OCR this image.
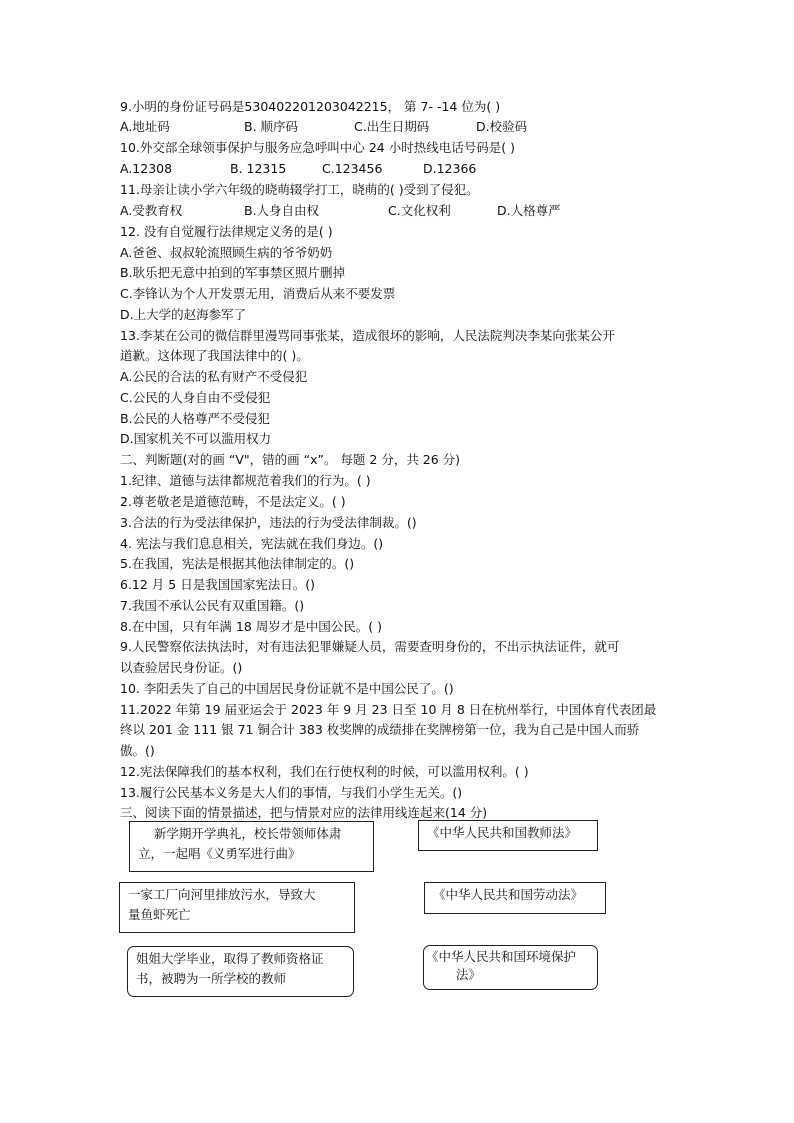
9.小明的身份证号码是530402201203042215， 第 7- -14 位为( )
A.地址码	B. 顺序码	C.出生日期码	D.校验码
10.外交部全球领事保护与服务应急呼叫中心 24 小时热线电话号码是( )
A.12308	B. 12315	C.123456	D.12366
11.母亲让读小学六年级的晓萌辍学打工，晓萌的( )受到了侵犯。
A.受教育权	B.人身自由权	C.文化权利	D.人格尊严
12. 没有自觉履行法律规定义务的是( )
A.爸爸、叔叔轮流照顾生病的爷爷奶奶
B.耿乐把无意中拍到的军事禁区照片删掉
C.李锋认为个人开发票无用，消费后从来不要发票
D.上大学的赵海参军了
13.李某在公司的微信群里漫骂同事张某，造成很坏的影响，人民法院判决李某向张某公开
道歉。这体现了我国法律中的( )。
A.公民的合法的私有财产不受侵犯
C.公民的人身自由不受侵犯
B.公民的人格尊严不受侵犯
D.国家机关不可以滥用权力
二、判断题(对的画 “V"，错的画 “x”。 每题 2 分，共 26 分)
1.纪律、道德与法律都规范着我们的行为。( )
2.尊老敬老是道德范畴，不是法定义。( )
3.合法的行为受法律保护，违法的行为受法律制裁。()
4. 宪法与我们息息相关，宪法就在我们身边。()
5.在我国，宪法是根据其他法律制定的。()
6.12 月 5 日是我国国家宪法日。()
7.我国不承认公民有双重国籍。()
8.在中国，只有年满 18 周岁才是中国公民。( )
9.人民警察依法执法时，对有违法犯罪嫌疑人员，需要查明身份的，不出示执法证件，就可
以查验居民身份证。()
10. 李阳丢失了自己的中国居民身份证就不是中国公民了。()
11.2022 年第 19 届亚运会于 2023 年 9 月 23 日至 10 月 8 日在杭州举行，中国体育代表团最
终以 201 金 111 银 71 铜合计 383 枚奖牌的成绩排在奖牌榜第一位，我为自己是中国人而骄
傲。()
12.宪法保障我们的基本权利，我们在行使权利的时候，可以滥用权利。( )
13.履行公民基本义务是大人们的事情，与我们小学生无关。()
三、阅读下面的情景描述，把与情景对应的法律用线连起来(14 分)
新学期开学典礼，校长带领师体肃
立，一起唱《义勇军进行曲》
一家工厂向河里排放污水，导致大
量鱼虾死亡
姐姐大学毕业，取得了教师资格证
书，被聘为一所学校的教师
《中华人民共和国教师法》
《中华人民共和国劳动法》
《中华人民共和国环境保护
法》
